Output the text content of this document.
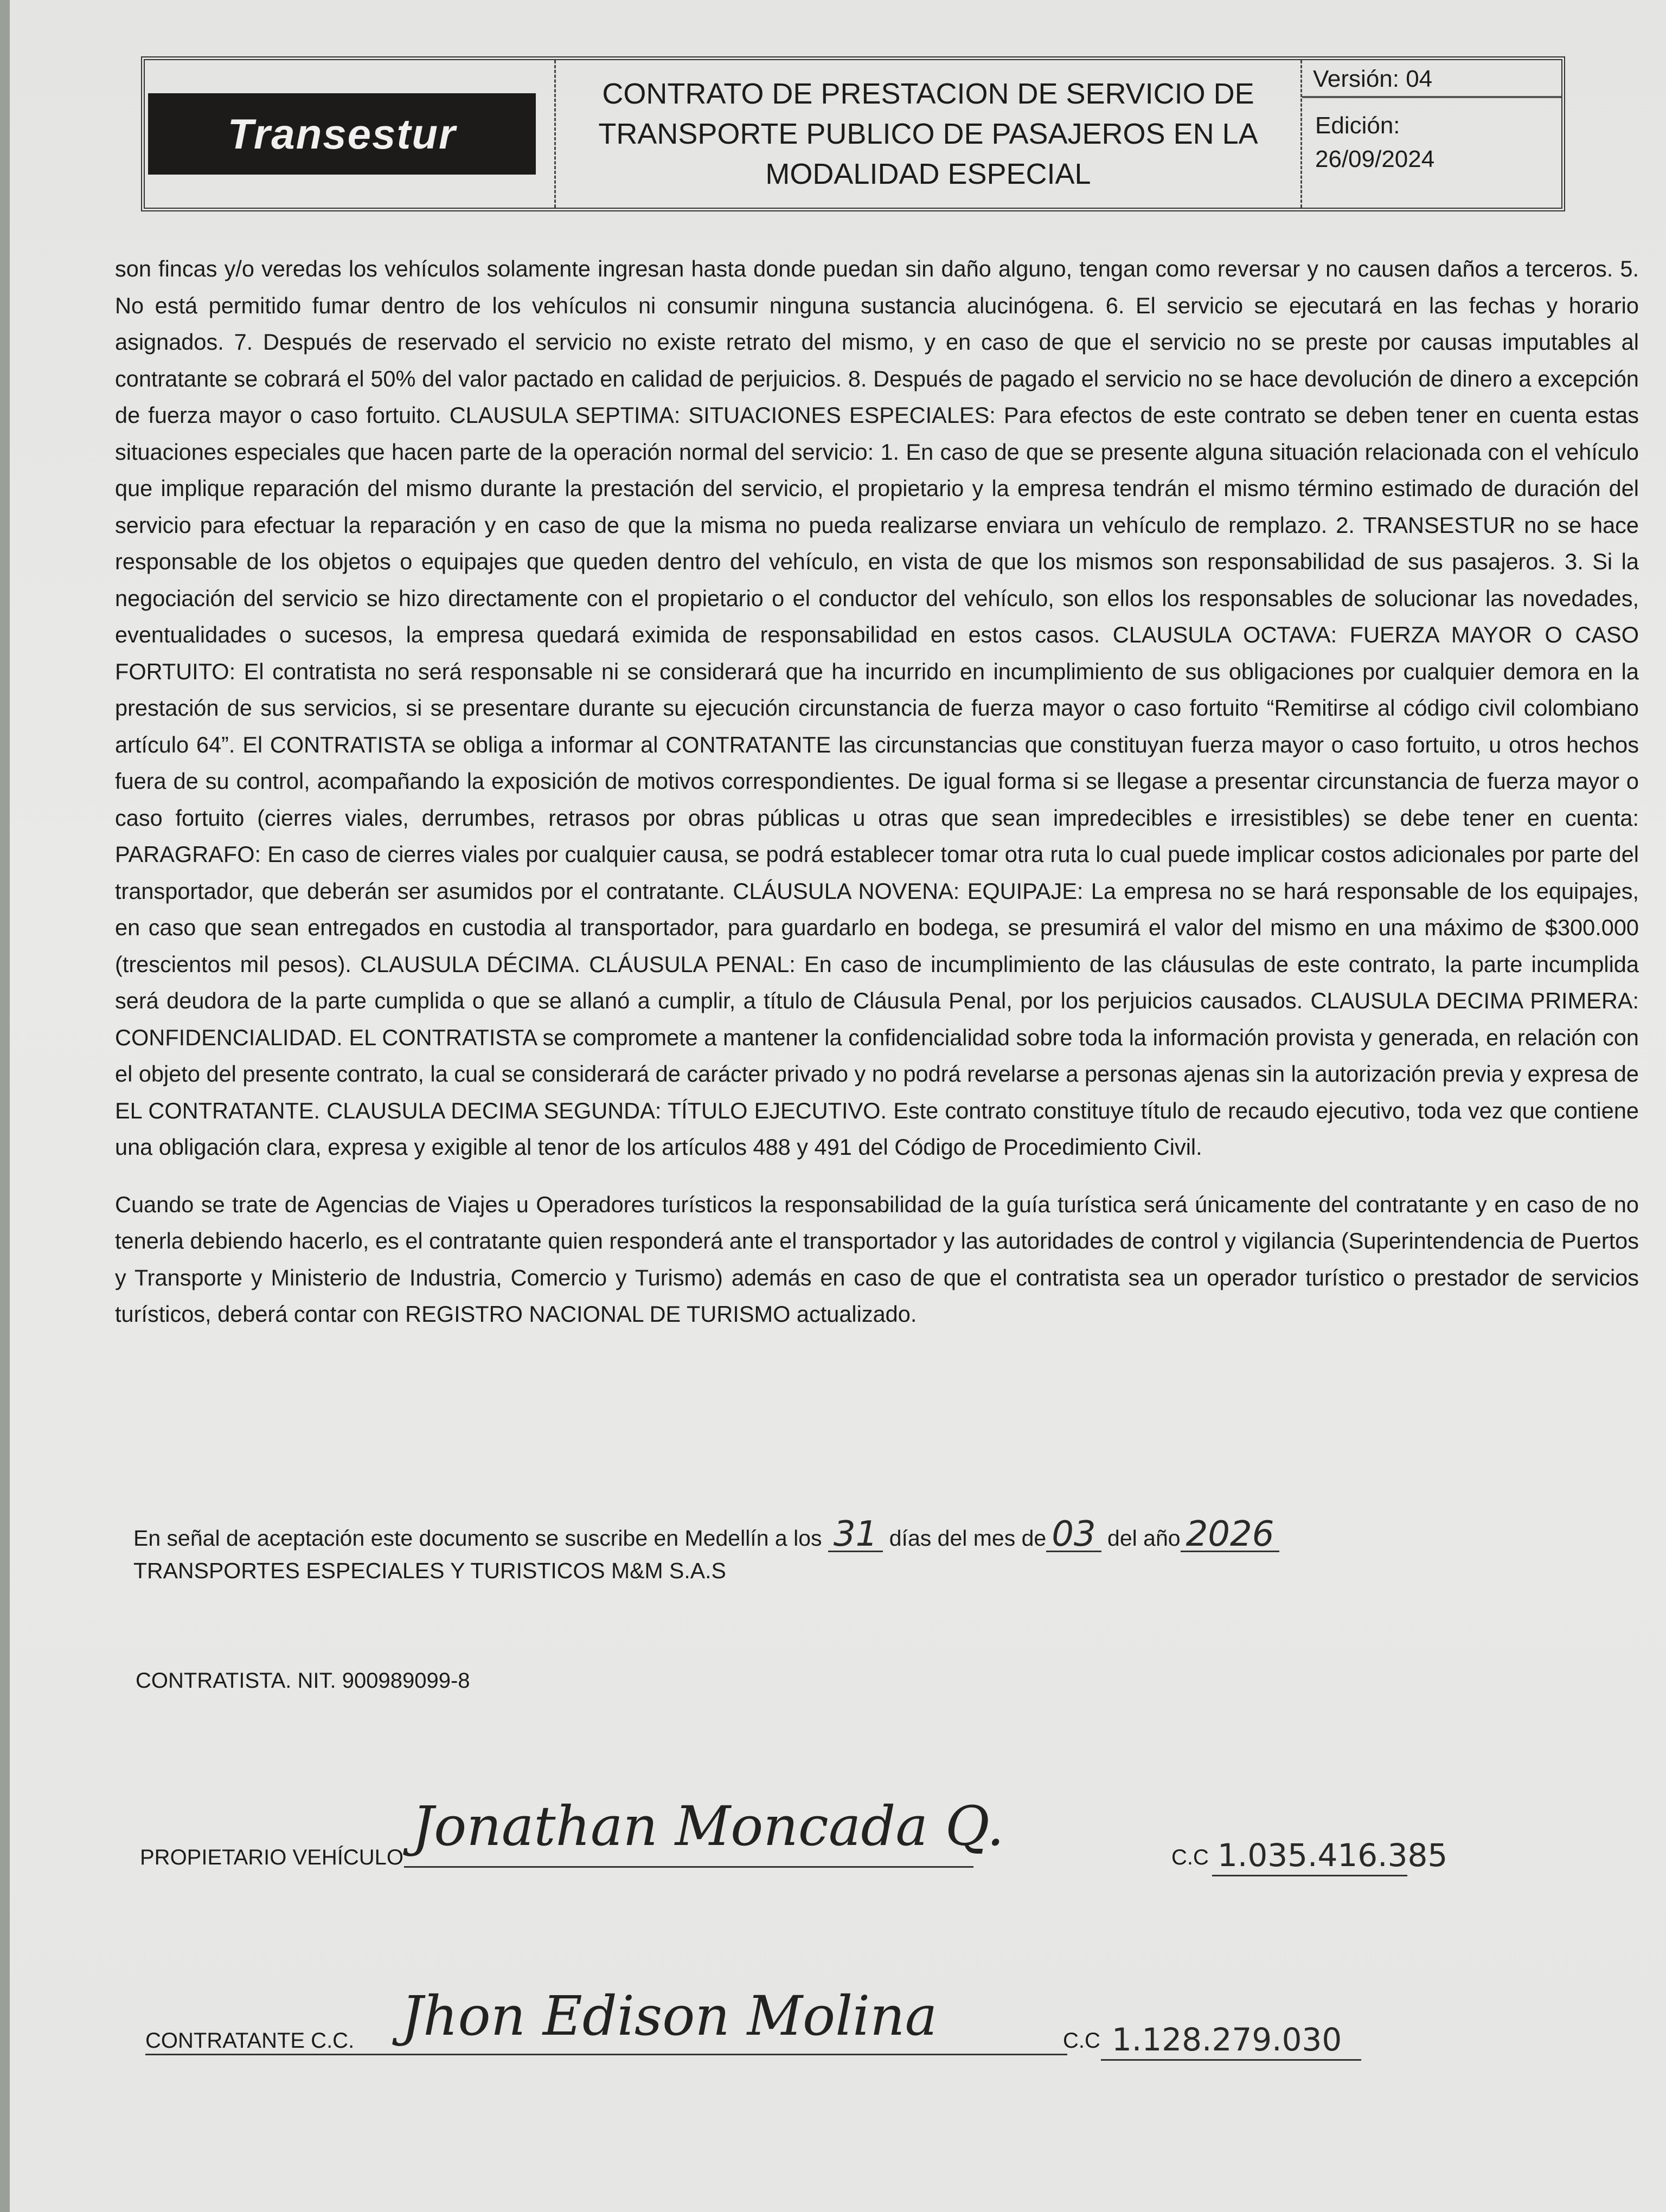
Transestur
CONTRATO DE PRESTACION DE SERVICIO DE TRANSPORTE PUBLICO DE PASAJEROS EN LA MODALIDAD ESPECIAL
Versión: 04
Edición:
26/09/2024

son fincas y/o veredas los vehículos solamente ingresan hasta donde puedan sin daño alguno, tengan como reversar y no causen daños a terceros. 5. No está permitido fumar dentro de los vehículos ni consumir ninguna sustancia alucinógena. 6. El servicio se ejecutará en las fechas y horario asignados. 7. Después de reservado el servicio no existe retrato del mismo, y en caso de que el servicio no se preste por causas imputables al contratante se cobrará el 50% del valor pactado en calidad de perjuicios. 8. Después de pagado el servicio no se hace devolución de dinero a excepción de fuerza mayor o caso fortuito. CLAUSULA SEPTIMA: SITUACIONES ESPECIALES: Para efectos de este contrato se deben tener en cuenta estas situaciones especiales que hacen parte de la operación normal del servicio: 1. En caso de que se presente alguna situación relacionada con el vehículo que implique reparación del mismo durante la prestación del servicio, el propietario y la empresa tendrán el mismo término estimado de duración del servicio para efectuar la reparación y en caso de que la misma no pueda realizarse enviara un vehículo de remplazo. 2. TRANSESTUR no se hace responsable de los objetos o equipajes que queden dentro del vehículo, en vista de que los mismos son responsabilidad de sus pasajeros. 3. Si la negociación del servicio se hizo directamente con el propietario o el conductor del vehículo, son ellos los responsables de solucionar las novedades, eventualidades o sucesos, la empresa quedará eximida de responsabilidad en estos casos. CLAUSULA OCTAVA: FUERZA MAYOR O CASO FORTUITO: El contratista no será responsable ni se considerará que ha incurrido en incumplimiento de sus obligaciones por cualquier demora en la prestación de sus servicios, si se presentare durante su ejecución circunstancia de fuerza mayor o caso fortuito “Remitirse al código civil colombiano artículo 64”. El CONTRATISTA se obliga a informar al CONTRATANTE las circunstancias que constituyan fuerza mayor o caso fortuito, u otros hechos fuera de su control, acompañando la exposición de motivos correspondientes. De igual forma si se llegase a presentar circunstancia de fuerza mayor o caso fortuito (cierres viales, derrumbes, retrasos por obras públicas u otras que sean impredecibles e irresistibles) se debe tener en cuenta: PARAGRAFO: En caso de cierres viales por cualquier causa, se podrá establecer tomar otra ruta lo cual puede implicar costos adicionales por parte del transportador, que deberán ser asumidos por el contratante. CLÁUSULA NOVENA: EQUIPAJE: La empresa no se hará responsable de los equipajes, en caso que sean entregados en custodia al transportador, para guardarlo en bodega, se presumirá el valor del mismo en una máximo de $300.000 (trescientos mil pesos). CLAUSULA DÉCIMA. CLÁUSULA PENAL: En caso de incumplimiento de las cláusulas de este contrato, la parte incumplida será deudora de la parte cumplida o que se allanó a cumplir, a título de Cláusula Penal, por los perjuicios causados. CLAUSULA DECIMA PRIMERA: CONFIDENCIALIDAD. EL CONTRATISTA se compromete a mantener la confidencialidad sobre toda la información provista y generada, en relación con el objeto del presente contrato, la cual se considerará de carácter privado y no podrá revelarse a personas ajenas sin la autorización previa y expresa de EL CONTRATANTE. CLAUSULA DECIMA SEGUNDA: TÍTULO EJECUTIVO. Este contrato constituye título de recaudo ejecutivo, toda vez que contiene una obligación clara, expresa y exigible al tenor de los artículos 488 y 491 del Código de Procedimiento Civil.

Cuando se trate de Agencias de Viajes u Operadores turísticos la responsabilidad de la guía turística será únicamente del contratante y en caso de no tenerla debiendo hacerlo, es el contratante quien responderá ante el transportador y las autoridades de control y vigilancia (Superintendencia de Puertos y Transporte y Ministerio de Industria, Comercio y Turismo) además en caso de que el contratista sea un operador turístico o prestador de servicios turísticos, deberá contar con REGISTRO NACIONAL DE TURISMO actualizado.

En señal de aceptación este documento se suscribe en Medellín a los 31 días del mes de 03 del año 2026
TRANSPORTES ESPECIALES Y TURISTICOS M&M S.A.S
CONTRATISTA. NIT. 900989099-8
PROPIETARIO VEHÍCULO Jonathan Moncada Q.	C.C 1.035.416.385
CONTRATANTE C.C. Jhon Edison Molina	C.C 1.128.279.030
